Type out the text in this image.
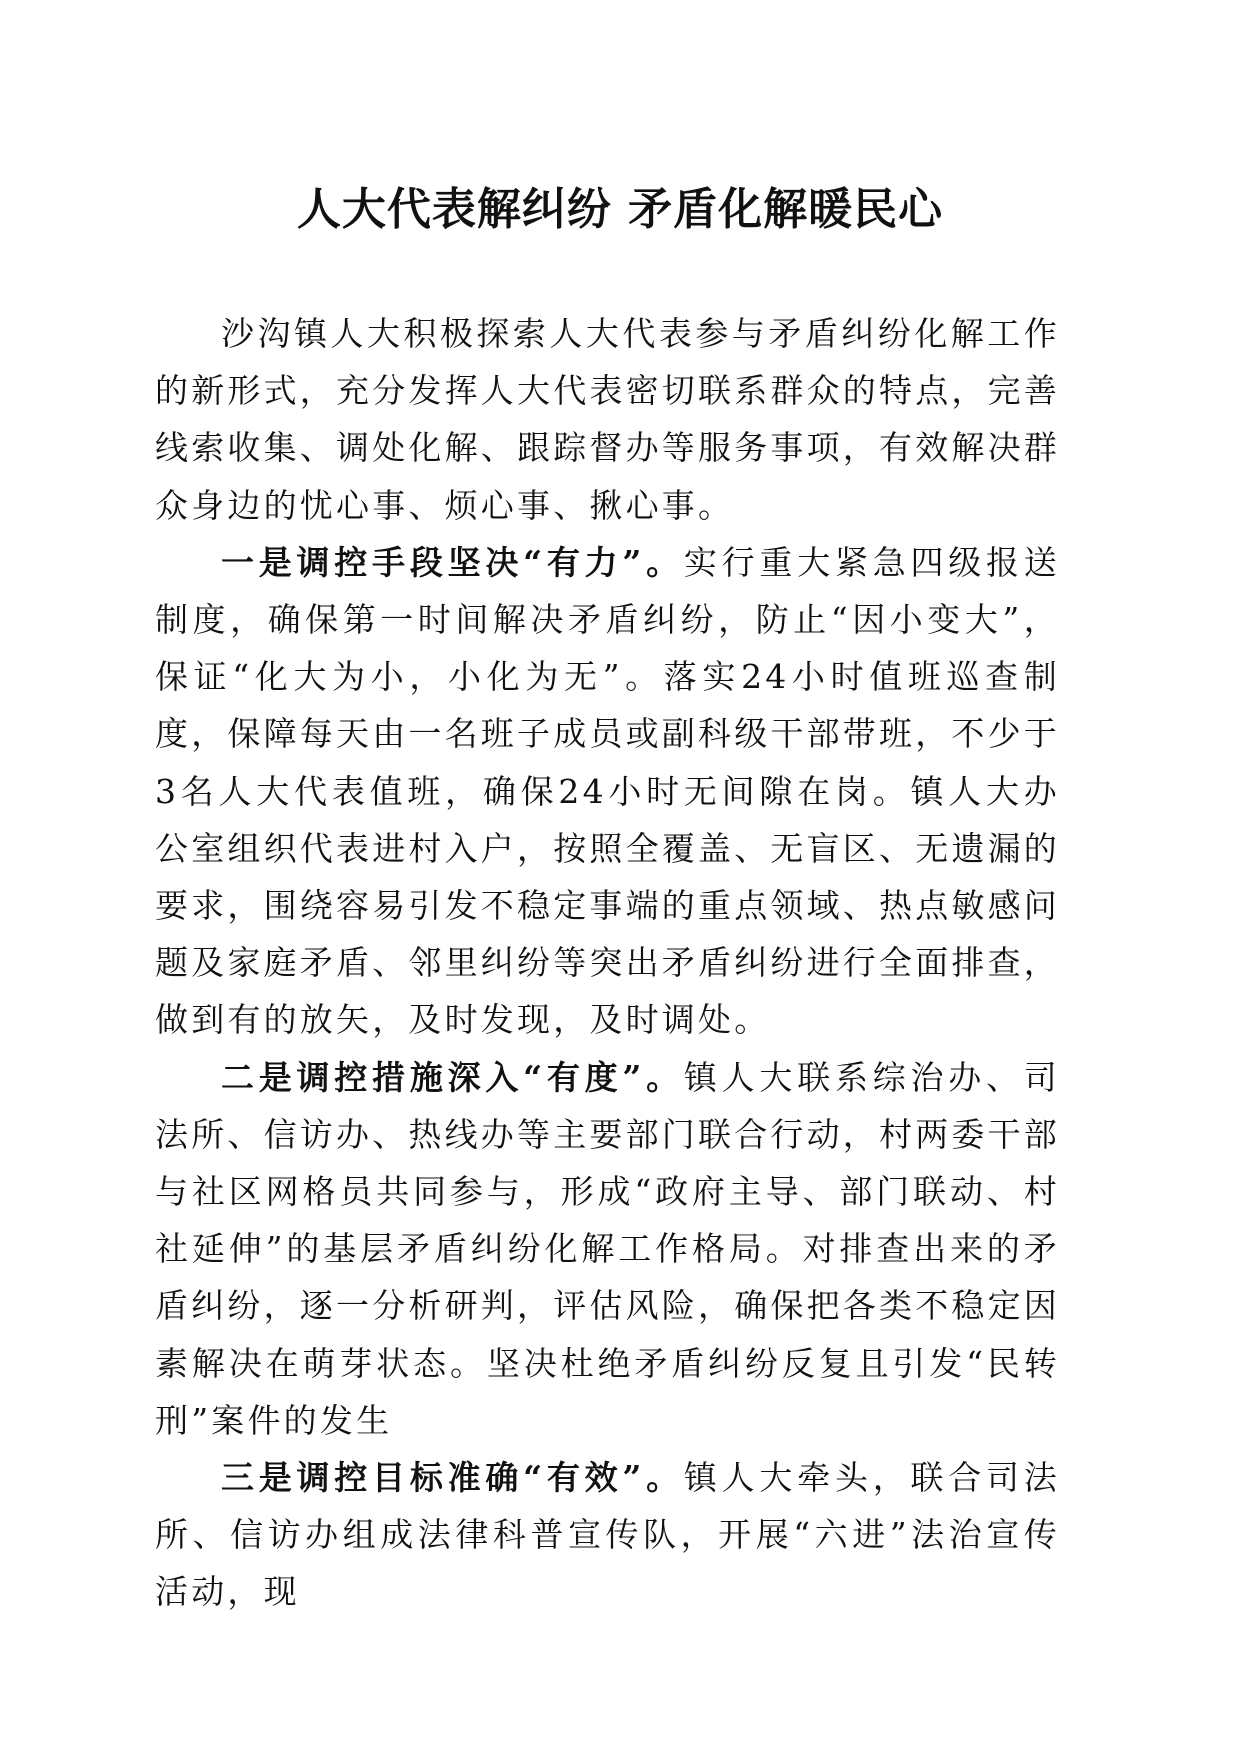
人大代表解纠纷 矛盾化解暖民心

沙沟镇人大积极探索人大代表参与矛盾纠纷化解工作的新形式，充分发挥人大代表密切联系群众的特点，完善线索收集、调处化解、跟踪督办等服务事项，有效解决群众身边的忧心事、烦心事、揪心事。

一是调控手段坚决“有力”。实行重大紧急四级报送制度，确保第一时间解决矛盾纠纷，防止“因小变大”，保证“化大为小，小化为无”。落实24小时值班巡查制度，保障每天由一名班子成员或副科级干部带班，不少于3名人大代表值班，确保24小时无间隙在岗。镇人大办公室组织代表进村入户，按照全覆盖、无盲区、无遗漏的要求，围绕容易引发不稳定事端的重点领域、热点敏感问题及家庭矛盾、邻里纠纷等突出矛盾纠纷进行全面排查，做到有的放矢，及时发现，及时调处。

二是调控措施深入“有度”。镇人大联系综治办、司法所、信访办、热线办等主要部门联合行动，村两委干部与社区网格员共同参与，形成“政府主导、部门联动、村社延伸”的基层矛盾纠纷化解工作格局。对排查出来的矛盾纠纷，逐一分析研判，评估风险，确保把各类不稳定因素解决在萌芽状态。坚决杜绝矛盾纠纷反复且引发“民转刑”案件的发生

三是调控目标准确“有效”。镇人大牵头，联合司法所、信访办组成法律科普宣传队，开展“六进”法治宣传活动，现
